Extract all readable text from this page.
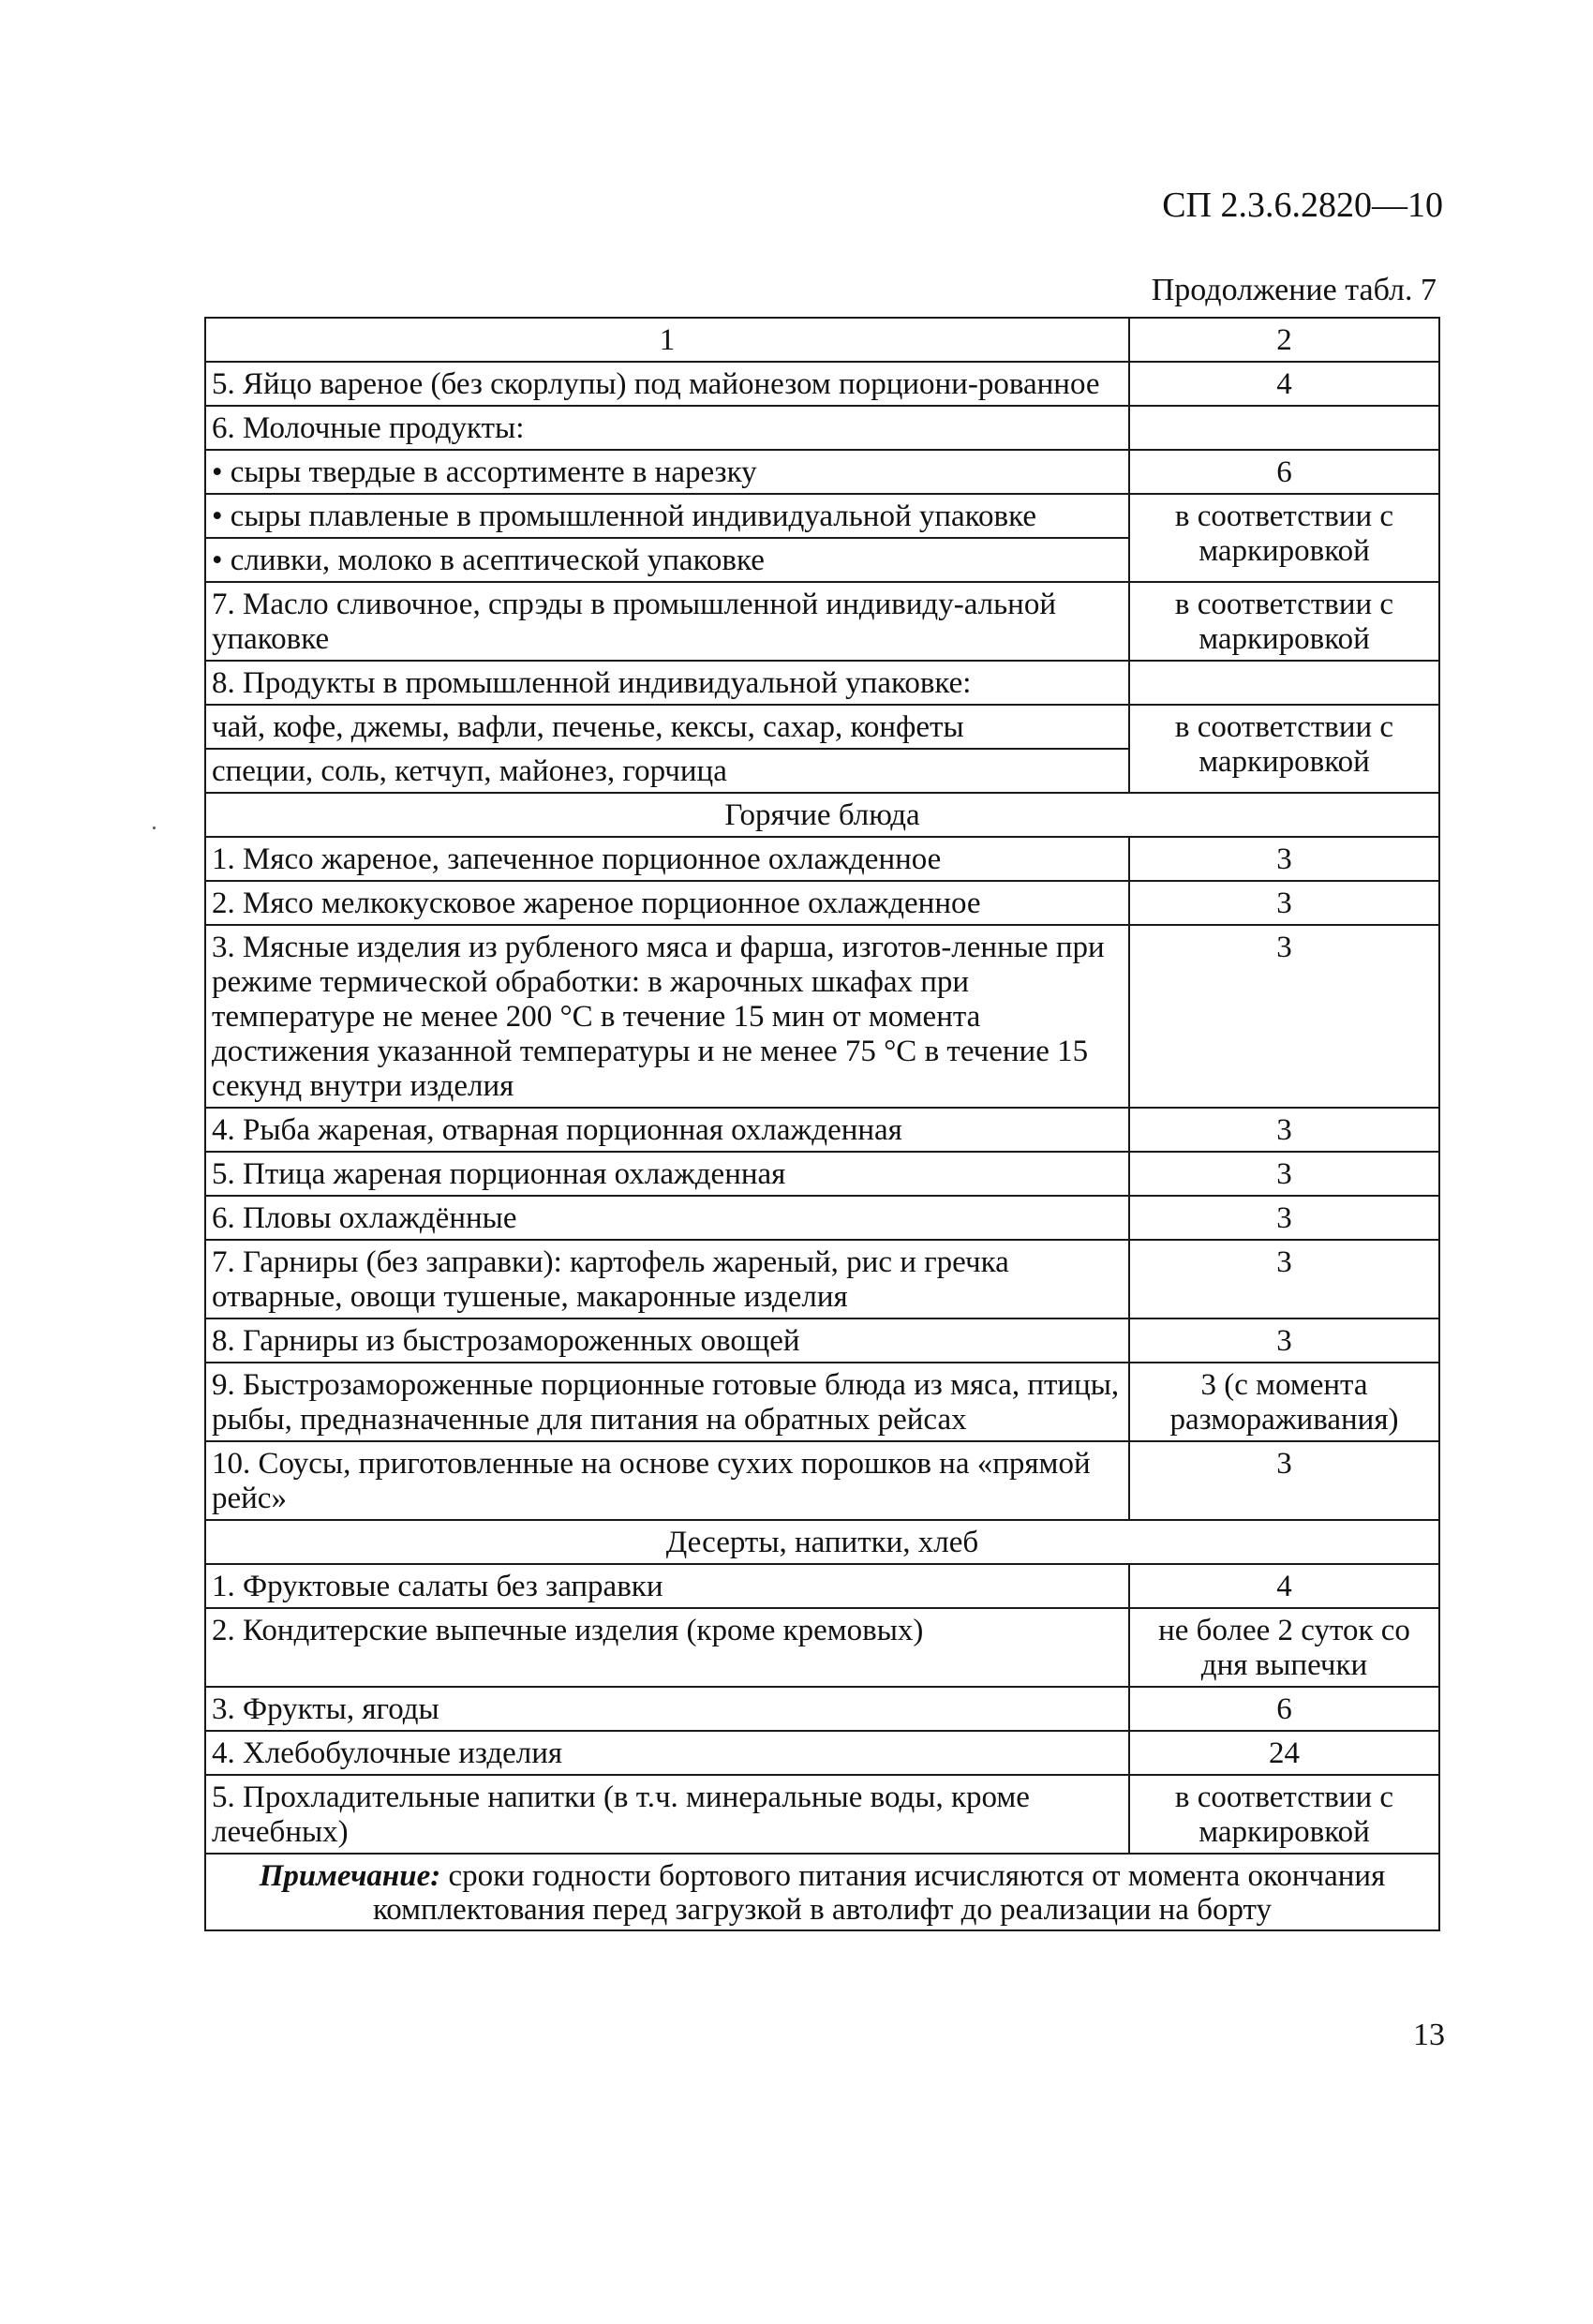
СП 2.3.6.2820—10
Продолжение табл. 7
1	2
5. Яйцо вареное (без скорлупы) под майонезом порциони-рованное	4
6. Молочные продукты:	
• сыры твердые в ассортименте в нарезку	6
• сыры плавленые в промышленной индивидуальной упаковке	в соответствии с маркировкой
• сливки, молоко в асептической упаковке	
7. Масло сливочное, спрэды в промышленной индивиду-альной упаковке	в соответствии с маркировкой
8. Продукты в промышленной индивидуальной упаковке:	
чай, кофе, джемы, вафли, печенье, кексы, сахар, конфеты	в соответствии с маркировкой
специи, соль, кетчуп, майонез, горчица	
Горячие блюда	
1. Мясо жареное, запеченное порционное охлажденное	3
2. Мясо мелкокусковое жареное порционное охлажденное	3
3. Мясные изделия из рубленого мяса и фарша, изготов-ленные при режиме термической обработки: в жарочных шкафах при температуре не менее 200 °С в течение 15 мин от момента достижения указанной температуры и не менее 75 °С в течение 15 секунд внутри изделия	3
4. Рыба жареная, отварная порционная охлажденная	3
5. Птица жареная порционная охлажденная	3
6. Пловы охлаждённые	3
7. Гарниры (без заправки): картофель жареный, рис и гречка отварные, овощи тушеные, макаронные изделия	3
8. Гарниры из быстрозамороженных овощей	3
9. Быстрозамороженные порционные готовые блюда из мяса, птицы, рыбы, предназначенные для питания на обратных рейсах	3 (с момента размораживания)
10. Соусы, приготовленные на основе сухих порошков на «прямой рейс»	3
Десерты, напитки, хлеб	
1. Фруктовые салаты без заправки	4
2. Кондитерские выпечные изделия (кроме кремовых)	не более 2 суток со дня выпечки
3. Фрукты, ягоды	6
4. Хлебобулочные изделия	24
5. Прохладительные напитки (в т.ч. минеральные воды, кроме лечебных)	в соответствии с маркировкой
Примечание: сроки годности бортового питания исчисляются от момента окончания комплектования перед загрузкой в автолифт до реализации на борту	
13
